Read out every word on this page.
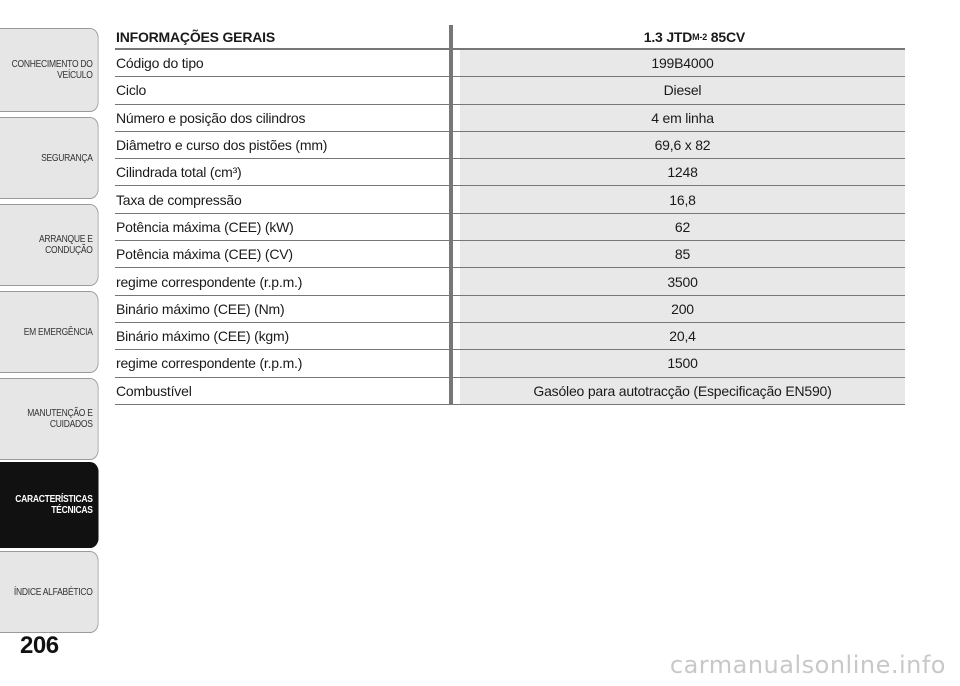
CONHECIMENTO DO
VEÍCULO
SEGURANÇA
ARRANQUE E
CONDUÇÃO
EM EMERGÊNCIA
MANUTENÇÃO E
CUIDADOS
CARACTERÍSTICAS
TÉCNICAS
ÍNDICE ALFABÉTICO
206
INFORMAÇÕES GERAIS	1.3 JTD M-2 85CV
Código do tipo	199B4000
Ciclo	Diesel
Número e posição dos cilindros	4 em linha
Diâmetro e curso dos pistões (mm)	69,6 x 82
Cilindrada total (cm³)	1248
Taxa de compressão	16,8
Potência máxima (CEE) (kW)	62
Potência máxima (CEE) (CV)	85
regime correspondente (r.p.m.)	3500
Binário máximo (CEE) (Nm)	200
Binário máximo (CEE) (kgm)	20,4
regime correspondente (r.p.m.)	1500
Combustível	Gasóleo para autotracção (Especificação EN590)
carmanualsonline.info
